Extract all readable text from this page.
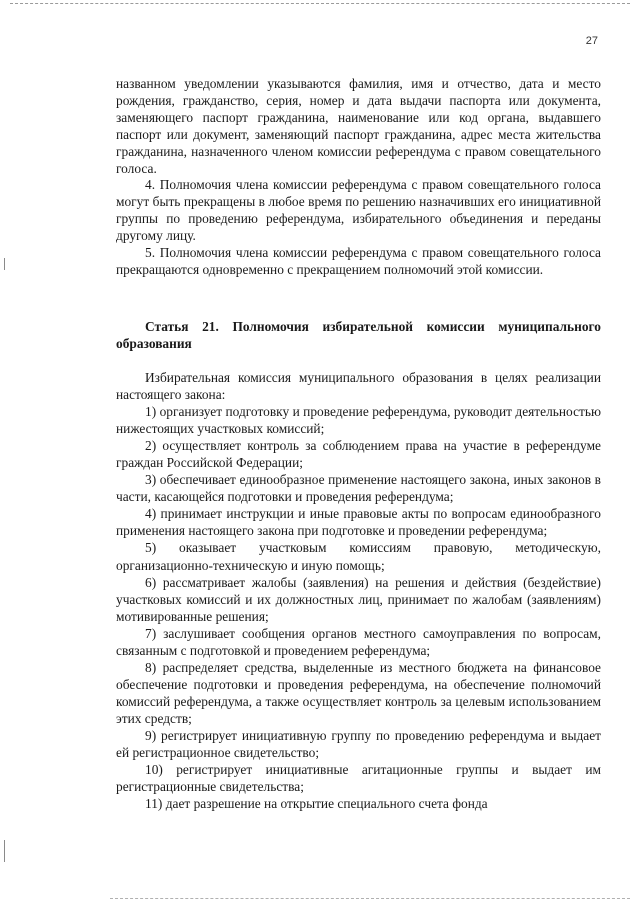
27

названном уведомлении указываются фамилия, имя и отчество, дата и место рождения, гражданство, серия, номер и дата выдачи паспорта или документа, заменяющего паспорт гражданина, наименование или код органа, выдавшего паспорт или документ, заменяющий паспорт гражданина, адрес места жительства гражданина, назначенного членом комиссии референдума с правом совещательного голоса.

4. Полномочия члена комиссии референдума с правом совещательного голоса могут быть прекращены в любое время по решению назначивших его инициативной группы по проведению референдума, избирательного объединения и переданы другому лицу.

5. Полномочия члена комиссии референдума с правом совещательного голоса прекращаются одновременно с прекращением полномочий этой комиссии.

Статья 21. Полномочия избирательной комиссии муниципального образования

Избирательная комиссия муниципального образования в целях реализации настоящего закона:

1) организует подготовку и проведение референдума, руководит деятельностью нижестоящих участковых комиссий;

2) осуществляет контроль за соблюдением права на участие в референдуме граждан Российской Федерации;

3) обеспечивает единообразное применение настоящего закона, иных законов в части, касающейся подготовки и проведения референдума;

4) принимает инструкции и иные правовые акты по вопросам единообразного применения настоящего закона при подготовке и проведении референдума;

5) оказывает участковым комиссиям правовую, методическую, организационно-техническую и иную помощь;

6) рассматривает жалобы (заявления) на решения и действия (бездействие) участковых комиссий и их должностных лиц, принимает по жалобам (заявлениям) мотивированные решения;

7) заслушивает сообщения органов местного самоуправления по вопросам, связанным с подготовкой и проведением референдума;

8) распределяет средства, выделенные из местного бюджета на финансовое обеспечение подготовки и проведения референдума, на обеспечение полномочий комиссий референдума, а также осуществляет контроль за целевым использованием этих средств;

9) регистрирует инициативную группу по проведению референдума и выдает ей регистрационное свидетельство;

10) регистрирует инициативные агитационные группы и выдает им регистрационные свидетельства;

11) дает разрешение на открытие специального счета фонда
